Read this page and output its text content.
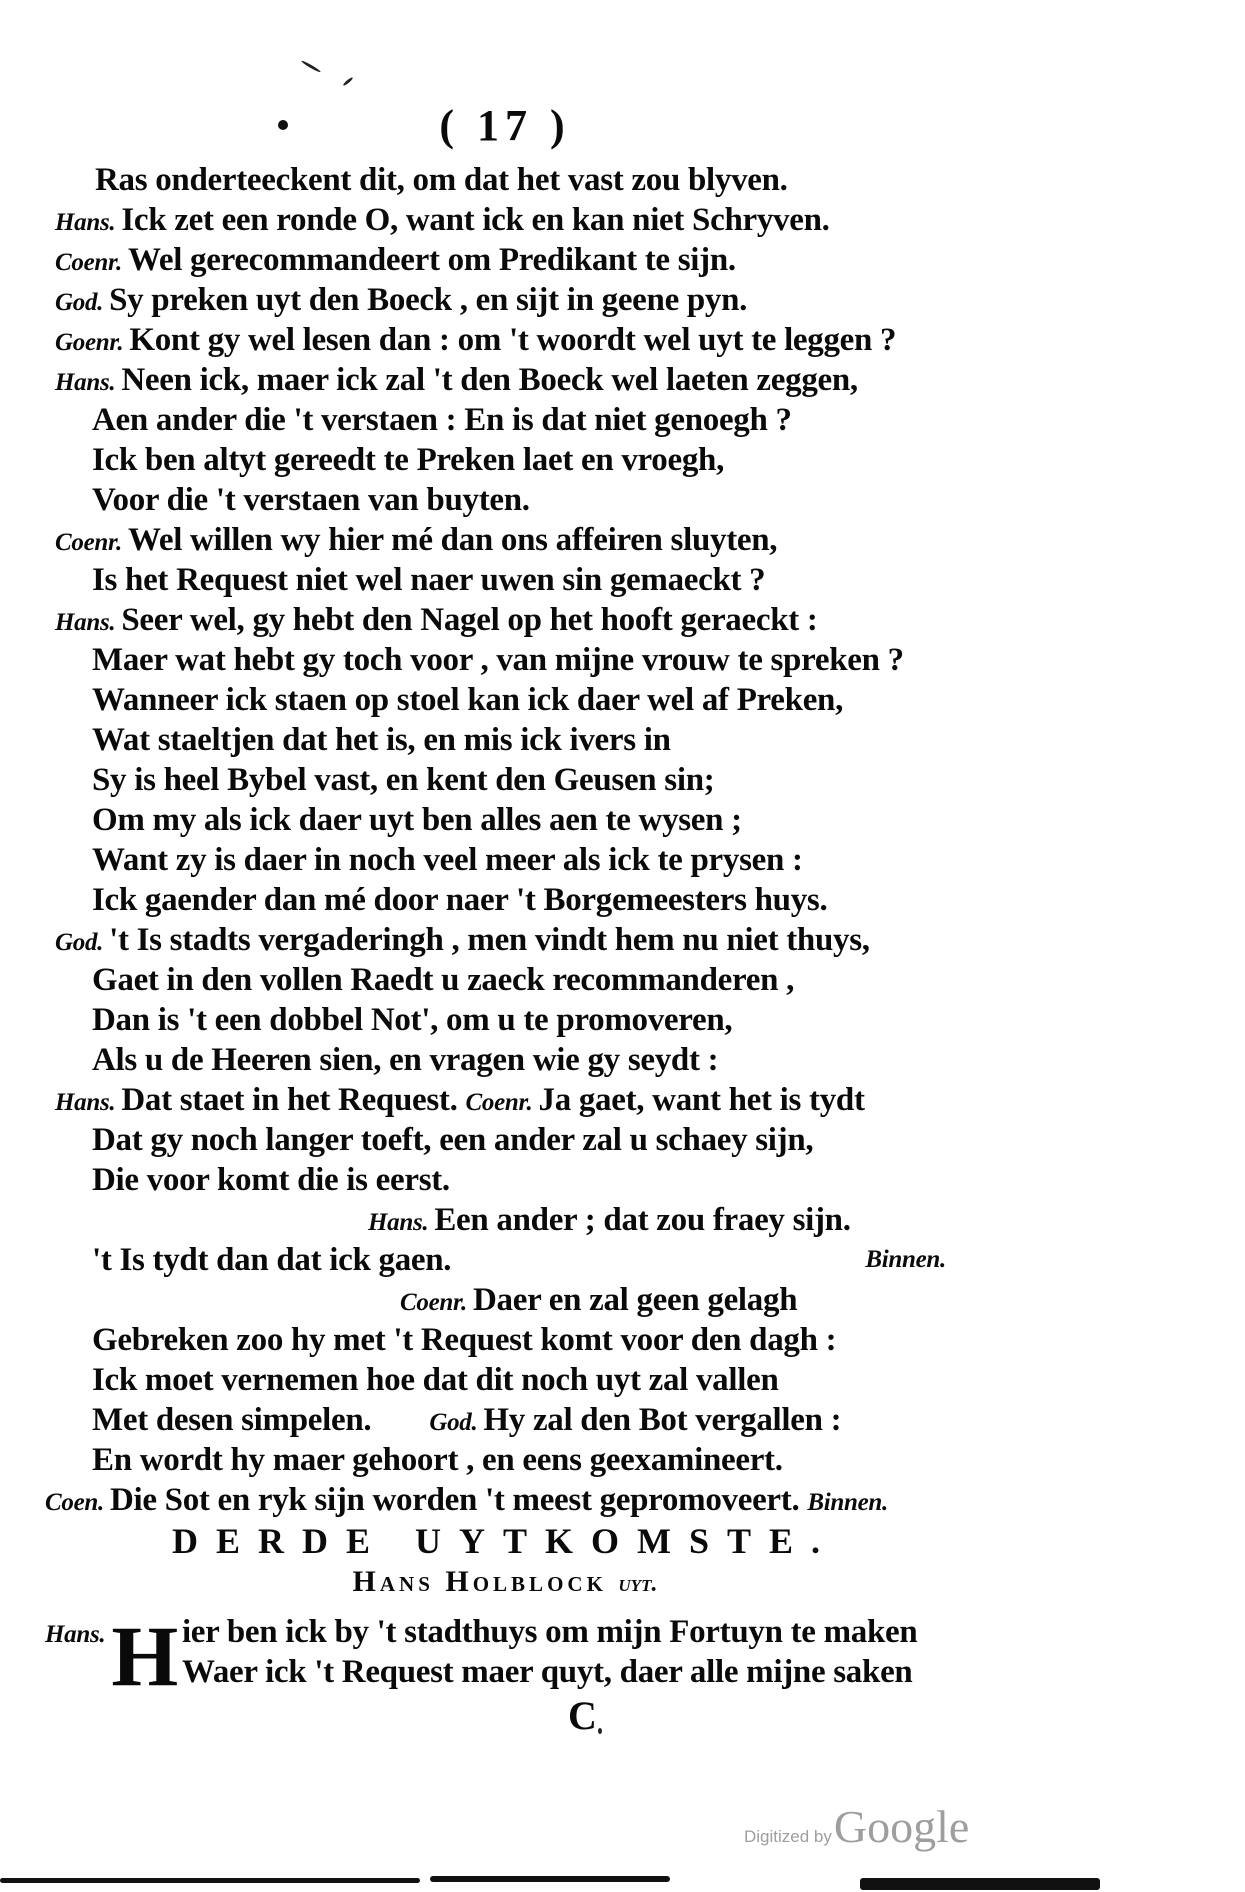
( 17 )
Ras onderteeckent dit, om dat het vast zou blyven.
Hans. Ick zet een ronde O, want ick en kan niet Schryven.
Coenr. Wel gerecommandeert om Predikant te sijn.
God. Sy preken uyt den Boeck , en sijt in geene pyn.
Goenr. Kont gy wel lesen dan : om 't woordt wel uyt te leggen ?
Hans. Neen ick, maer ick zal 't den Boeck wel laeten zeggen,
Aen ander die 't verstaen : En is dat niet genoegh ?
Ick ben altyt gereedt te Preken laet en vroegh,
Voor die 't verstaen van buyten.
Coenr. Wel willen wy hier mé dan ons affeiren sluyten,
Is het Request niet wel naer uwen sin gemaeckt ?
Hans. Seer wel, gy hebt den Nagel op het hooft geraeckt :
Maer wat hebt gy toch voor , van mijne vrouw te spreken ?
Wanneer ick staen op stoel kan ick daer wel af Preken,
Wat staeltjen dat het is, en mis ick ivers in
Sy is heel Bybel vast, en kent den Geusen sin;
Om my als ick daer uyt ben alles aen te wysen ;
Want zy is daer in noch veel meer als ick te prysen :
Ick gaender dan mé door naer 't Borgemeesters huys.
God. 't Is stadts vergaderingh , men vindt hem nu niet thuys,
Gaet in den vollen Raedt u zaeck recommanderen ,
Dan is 't een dobbel Not', om u te promoveren,
Als u de Heeren sien, en vragen wie gy seydt :
Hans. Dat staet in het Request. Coenr. Ja gaet, want het is tydt
Dat gy noch langer toeft, een ander zal u schaey sijn,
Die voor komt die is eerst.
Hans. Een ander ; dat zou fraey sijn.
't Is tydt dan dat ick gaen.	Binnen.
Coenr. Daer en zal geen gelagh
Gebreken zoo hy met 't Request komt voor den dagh :
Ick moet vernemen hoe dat dit noch uyt zal vallen
Met desen simpelen. God. Hy zal den Bot vergallen :
En wordt hy maer gehoort , en eens geexamineert.
Coen. Die Sot en ryk sijn worden 't meest gepromoveert. Binnen.
DERDE UYTKOMSTE.
Hans Holblock uyt.
Hans.H ier ben ick by 't stadthuys om mijn Fortuyn te maken
Waer ick 't Request maer quyt, daer alle mijne saken
C
Digitized byGoogle
